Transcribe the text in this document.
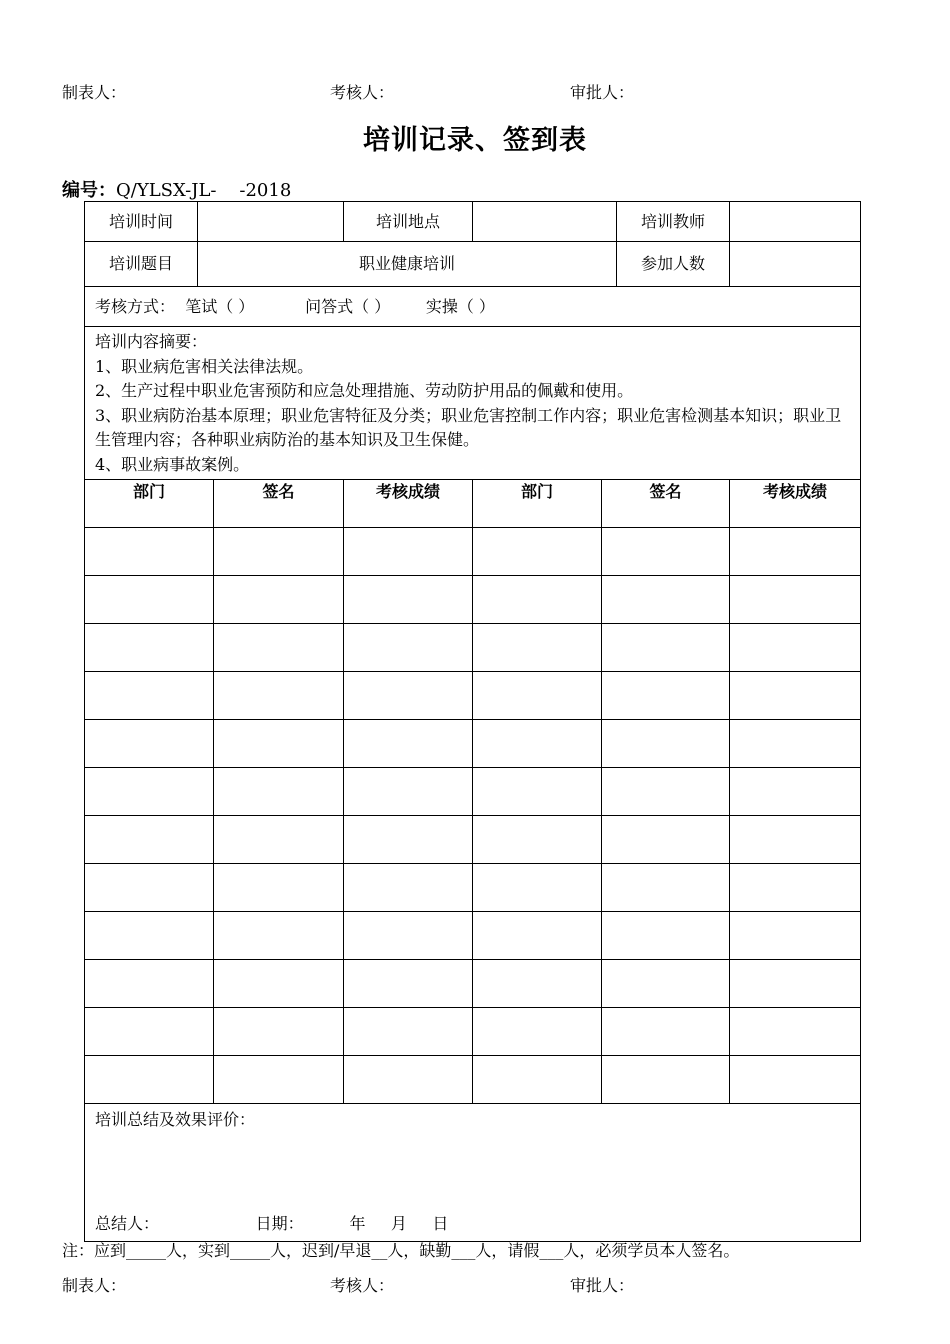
制表人：	考核人：	审批人：
培训记录、签到表
编号：Q/YLSX-JL-    -2018
培训时间			培训地点			培训教师	
培训题目	职业健康培训					参加人数	
考核方式： 笔试（ ） 问答式（ ） 实操（ ）							

培训内容摘要：
1、职业病危害相关法律法规。
2、生产过程中职业危害预防和应急处理措施、劳动防护用品的佩戴和使用。
3、职业病防治基本原理；职业危害特征及分类；职业危害控制工作内容；职业危害检测基本知识；职业卫生管理内容；各种职业病防治的基本知识及卫生保健。
4、职业病事故案例。							

部门		签名	考核成绩	部门	签名		考核成绩

培训总结及效果评价：
总结人： 日期： 年 月 日							
注：应到_____人，实到_____人，迟到/早退__人，缺勤___人，请假___人，必须学员本人签名。
制表人：	考核人：	审批人：
